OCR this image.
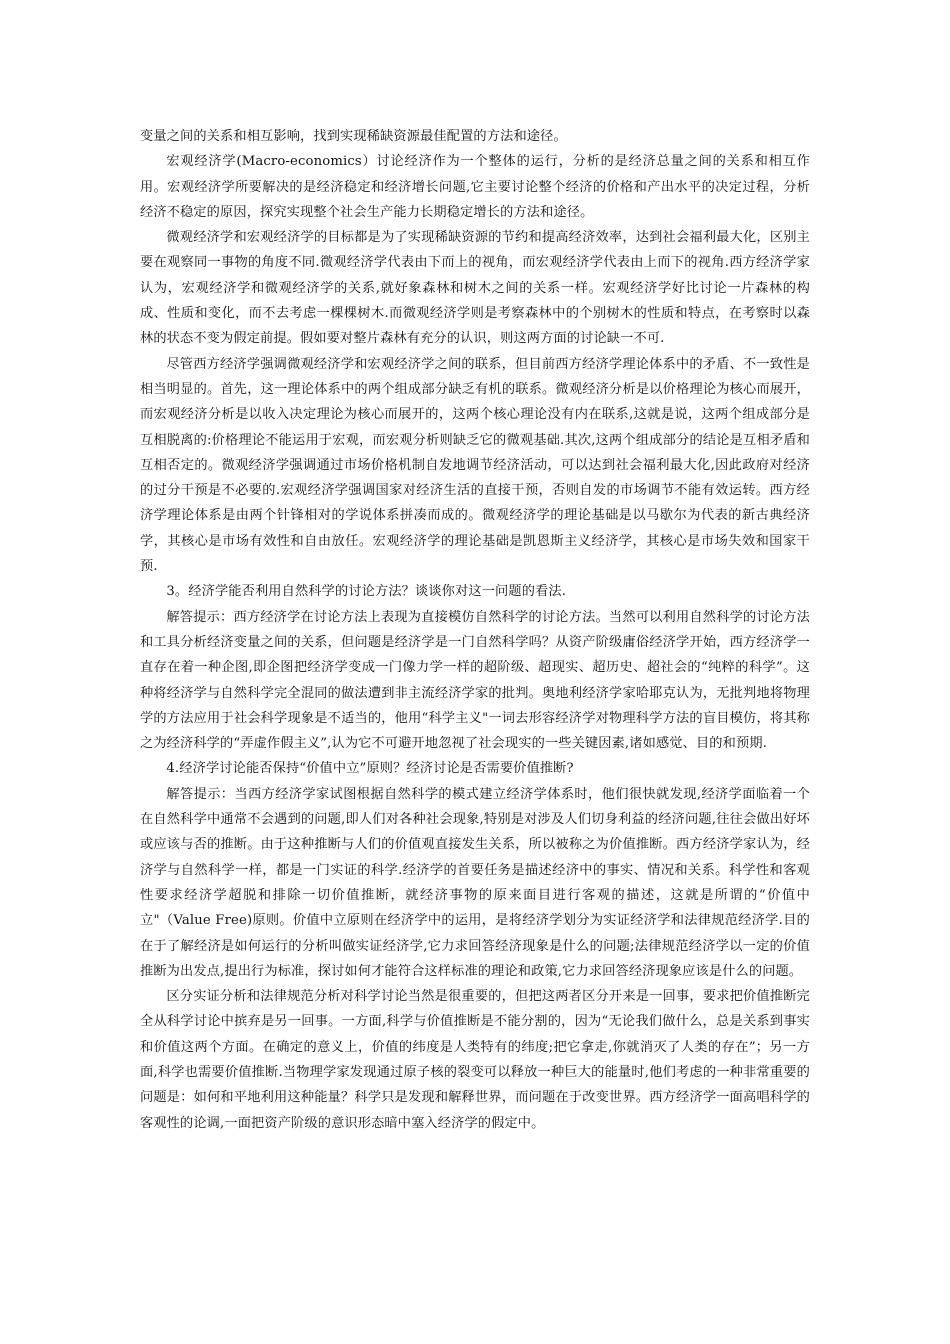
变量之间的关系和相互影响，找到实现稀缺资源最佳配置的方法和途径。

宏观经济学(Macro-economics）讨论经济作为一个整体的运行，分析的是经济总量之间的关系和相互作用。宏观经济学所要解决的是经济稳定和经济增长问题,它主要讨论整个经济的价格和产出水平的决定过程，分析经济不稳定的原因，探究实现整个社会生产能力长期稳定增长的方法和途径。

微观经济学和宏观经济学的目标都是为了实现稀缺资源的节约和提高经济效率，达到社会福利最大化，区别主要在观察同一事物的角度不同.微观经济学代表由下而上的视角，而宏观经济学代表由上而下的视角.西方经济学家认为，宏观经济学和微观经济学的关系,就好象森林和树木之间的关系一样。宏观经济学好比讨论一片森林的构成、性质和变化，而不去考虑一棵棵树木.而微观经济学则是考察森林中的个别树木的性质和特点，在考察时以森林的状态不变为假定前提。假如要对整片森林有充分的认识，则这两方面的讨论缺一不可.

尽管西方经济学强调微观经济学和宏观经济学之间的联系，但目前西方经济学理论体系中的矛盾、不一致性是相当明显的。首先，这一理论体系中的两个组成部分缺乏有机的联系。微观经济分析是以价格理论为核心而展开，而宏观经济分析是以收入决定理论为核心而展开的，这两个核心理论没有内在联系,这就是说，这两个组成部分是互相脱离的:价格理论不能运用于宏观，而宏观分析则缺乏它的微观基础.其次,这两个组成部分的结论是互相矛盾和互相否定的。微观经济学强调通过市场价格机制自发地调节经济活动，可以达到社会福利最大化,因此政府对经济的过分干预是不必要的.宏观经济学强调国家对经济生活的直接干预，否则自发的市场调节不能有效运转。西方经济学理论体系是由两个针锋相对的学说体系拼凑而成的。微观经济学的理论基础是以马歇尔为代表的新古典经济学，其核心是市场有效性和自由放任。宏观经济学的理论基础是凯恩斯主义经济学，其核心是市场失效和国家干预.

3。经济学能否利用自然科学的讨论方法？谈谈你对这一问题的看法.

解答提示：西方经济学在讨论方法上表现为直接模仿自然科学的讨论方法。当然可以利用自然科学的讨论方法和工具分析经济变量之间的关系，但问题是经济学是一门自然科学吗？从资产阶级庸俗经济学开始，西方经济学一直存在着一种企图,即企图把经济学变成一门像力学一样的超阶级、超现实、超历史、超社会的“纯粹的科学”。这种将经济学与自然科学完全混同的做法遭到非主流经济学家的批判。奥地利经济学家哈耶克认为，无批判地将物理学的方法应用于社会科学现象是不适当的，他用“科学主义"一词去形容经济学对物理科学方法的盲目模仿，将其称之为经济科学的“弄虚作假主义”,认为它不可避开地忽视了社会现实的一些关键因素,诸如感觉、目的和预期.

4.经济学讨论能否保持“价值中立”原则？经济讨论是否需要价值推断?

解答提示：当西方经济学家试图根据自然科学的模式建立经济学体系时，他们很快就发现,经济学面临着一个在自然科学中通常不会遇到的问题,即人们对各种社会现象,特别是对涉及人们切身利益的经济问题,往往会做出好坏或应该与否的推断。由于这种推断与人们的价值观直接发生关系，所以被称之为价值推断。西方经济学家认为，经济学与自然科学一样，都是一门实证的科学.经济学的首要任务是描述经济中的事实、情况和关系。科学性和客观性要求经济学超脱和排除一切价值推断，就经济事物的原来面目进行客观的描述，这就是所谓的“价值中立"（Value Free)原则。价值中立原则在经济学中的运用，是将经济学划分为实证经济学和法律规范经济学.目的在于了解经济是如何运行的分析叫做实证经济学,它力求回答经济现象是什么的问题;法律规范经济学以一定的价值推断为出发点,提出行为标准，探讨如何才能符合这样标准的理论和政策,它力求回答经济现象应该是什么的问题。

区分实证分析和法律规范分析对科学讨论当然是很重要的，但把这两者区分开来是一回事，要求把价值推断完全从科学讨论中摈弃是另一回事。一方面,科学与价值推断是不能分割的，因为“无论我们做什么，总是关系到事实和价值这两个方面。在确定的意义上，价值的纬度是人类特有的纬度;把它拿走,你就消灭了人类的存在”；另一方面,科学也需要价值推断.当物理学家发现通过原子核的裂变可以释放一种巨大的能量时,他们考虑的一种非常重要的问题是：如何和平地利用这种能量？科学只是发现和解释世界，而问题在于改变世界。西方经济学一面高唱科学的客观性的论调,一面把资产阶级的意识形态暗中塞入经济学的假定中。
